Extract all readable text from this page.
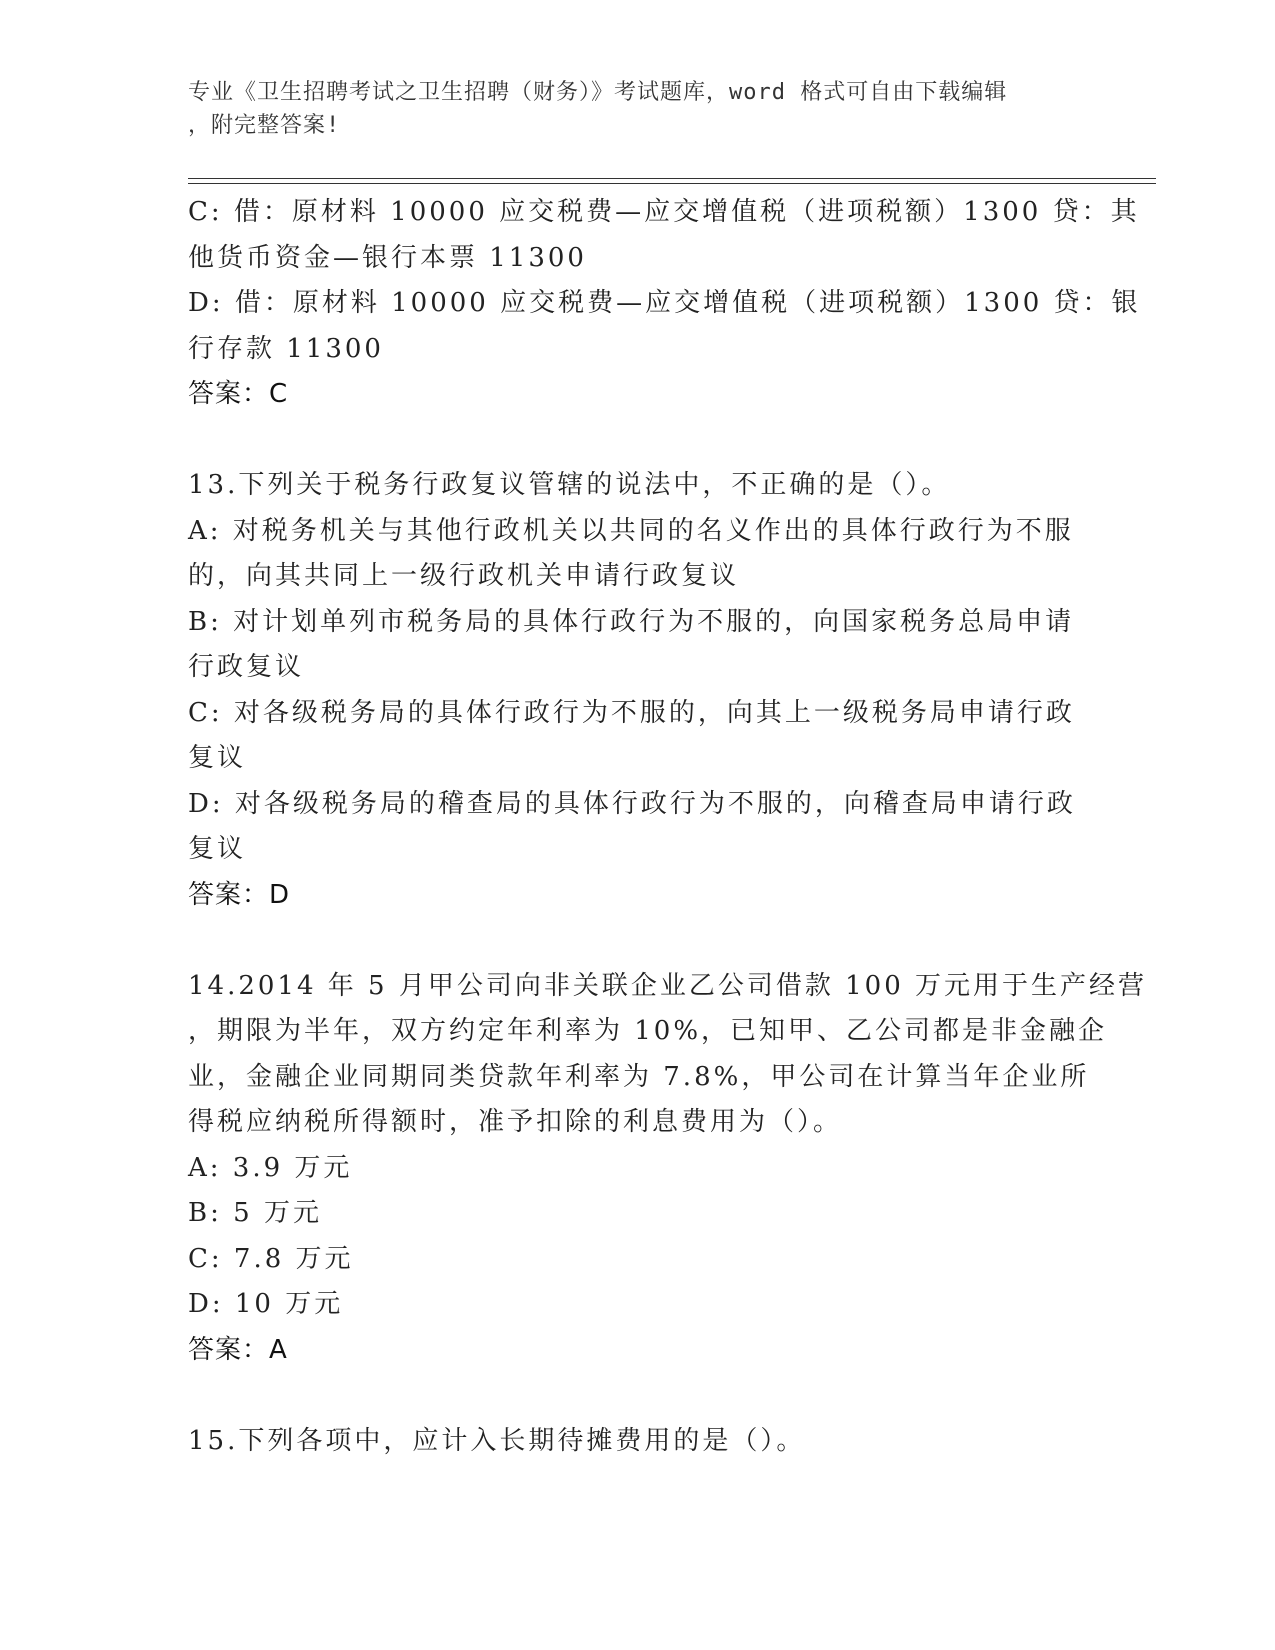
专业《卫生招聘考试之卫生招聘（财务）》考试题库，word 格式可自由下载编辑
，附完整答案!
C: 借：原材料 10000 应交税费—应交增值税（进项税额）1300 贷：其
他货币资金—银行本票 11300
D: 借：原材料 10000 应交税费—应交增值税（进项税额）1300 贷：银
行存款 11300
答案：C
13.下列关于税务行政复议管辖的说法中，不正确的是（）。
A: 对税务机关与其他行政机关以共同的名义作出的具体行政行为不服
的，向其共同上一级行政机关申请行政复议
B: 对计划单列市税务局的具体行政行为不服的，向国家税务总局申请
行政复议
C: 对各级税务局的具体行政行为不服的，向其上一级税务局申请行政
复议
D: 对各级税务局的稽查局的具体行政行为不服的，向稽查局申请行政
复议
答案：D
14.2014 年 5 月甲公司向非关联企业乙公司借款 100 万元用于生产经营
，期限为半年，双方约定年利率为 10%，已知甲、乙公司都是非金融企
业，金融企业同期同类贷款年利率为 7.8%，甲公司在计算当年企业所
得税应纳税所得额时，准予扣除的利息费用为（）。
A: 3.9 万元
B: 5 万元
C: 7.8 万元
D: 10 万元
答案：A
15.下列各项中，应计入长期待摊费用的是（）。
